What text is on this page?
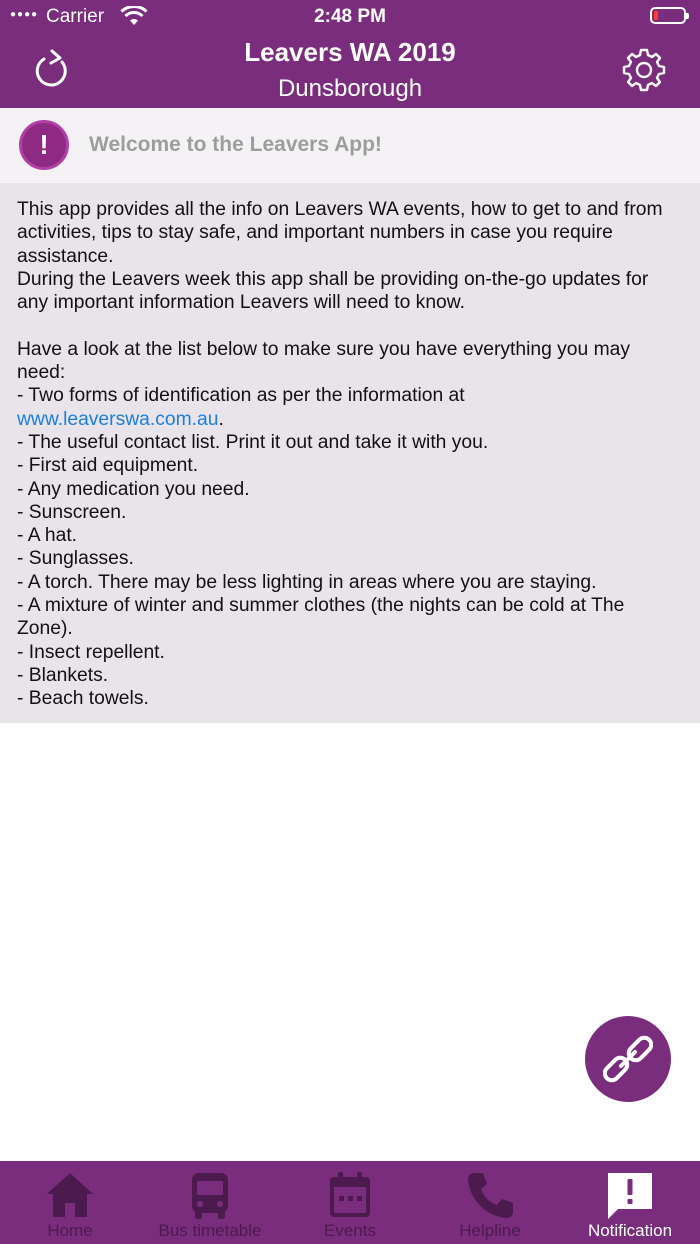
●●●● Carrier	2:48 PM
Leavers WA 2019
Dunsborough
!	Welcome to the Leavers App!

This app provides all the info on Leavers WA events, how to get to and from activities, tips to stay safe, and important numbers in case you require assistance.

During the Leavers week this app shall be providing on-the-go updates for any important information Leavers will need to know.

Have a look at the list below to make sure you have everything you may need:

- Two forms of identification as per the information at
www.leaverswa.com.au.

- The useful contact list. Print it out and take it with you.

- First aid equipment.

- Any medication you need.

- Sunscreen.

- A hat.

- Sunglasses.

- A torch. There may be less lighting in areas where you are staying.

- A mixture of winter and summer clothes (the nights can be cold at The Zone).

- Insect repellent.

- Blankets.

- Beach towels.

Home	Bus timetable	Events	Helpline	Notification
